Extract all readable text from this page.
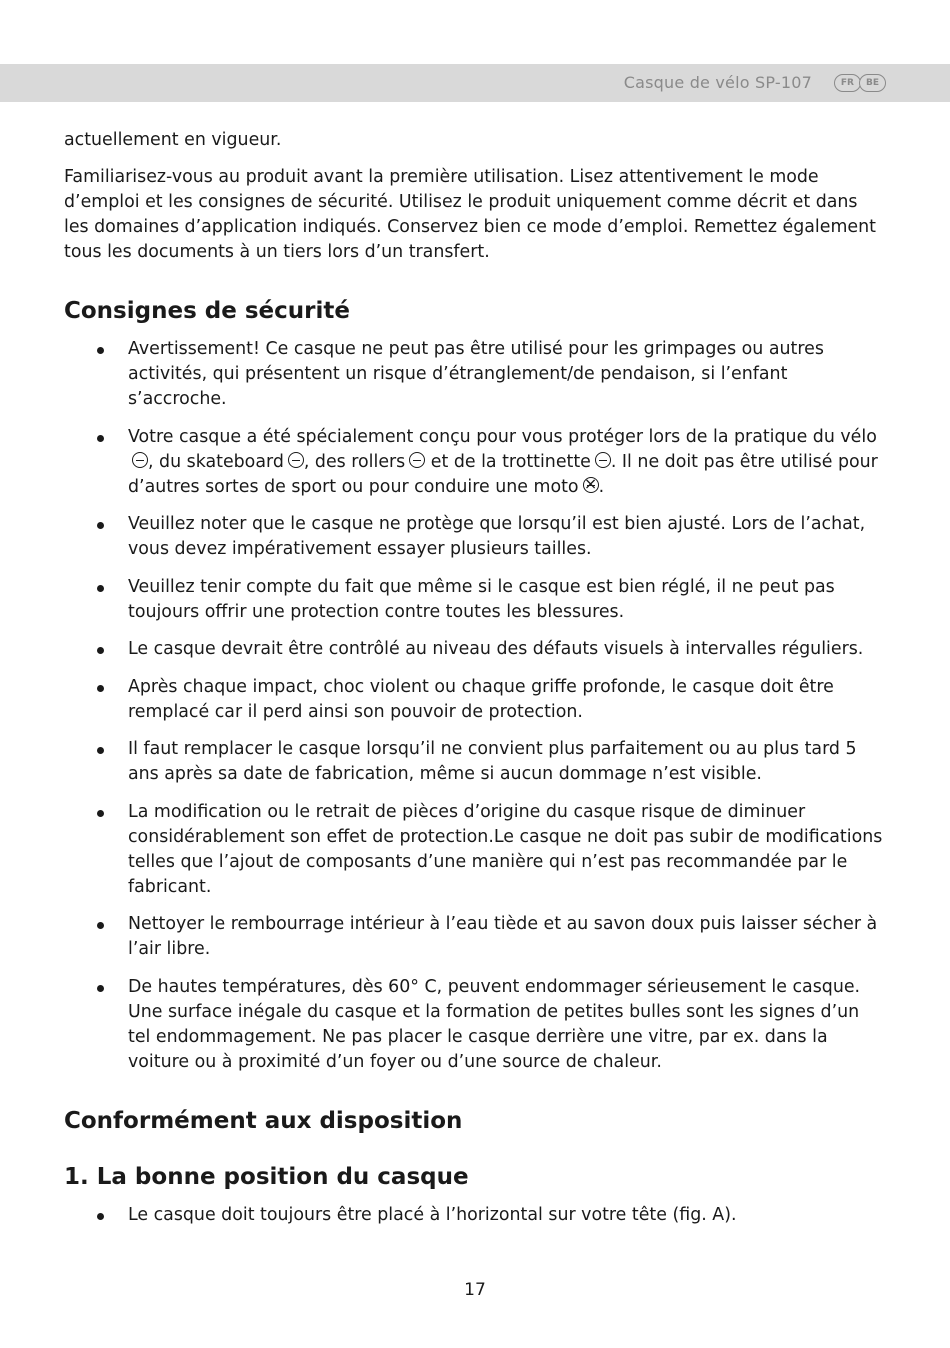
Casque de vélo SP-107	FR	BE

actuellement en vigueur.

Familiarisez-vous au produit avant la première utilisation. Lisez attentivement le mode d’emploi et les consignes de sécurité. Utilisez le produit uniquement comme décrit et dans les domaines d’application indiqués. Conservez bien ce mode d’emploi. Remettez également tous les documents à un tiers lors d’un transfert.

Consignes de sécurité
Avertissement! Ce casque ne peut pas être utilisé pour les grimpages ou autres activités, qui présentent un risque d’étranglement/de pendaison, si l’enfant s’accroche.
Votre casque a été spécialement conçu pour vous protéger lors de la pratique du vélo, du skateboard , des rollers et de la trottinette . Il ne doit pas être utilisé pour d’autres sortes de sport ou pour conduire une moto× .
Veuillez noter que le casque ne protège que lorsqu’il est bien ajusté. Lors de l’achat, vous devez impérativement essayer plusieurs tailles.
Veuillez tenir compte du fait que même si le casque est bien réglé, il ne peut pas toujours offrir une protection contre toutes les blessures.
Le casque devrait être contrôlé au niveau des défauts visuels à intervalles réguliers.
Après chaque impact, choc violent ou chaque griffe profonde, le casque doit être remplacé car il perd ainsi son pouvoir de protection.
Il faut remplacer le casque lorsqu’il ne convient plus parfaitement ou au plus tard 5 ans après sa date de fabrication, même si aucun dommage n’est visible.
La modification ou le retrait de pièces d’origine du casque risque de diminuer considérablement son effet de protection.Le casque ne doit pas subir de modifications telles que l’ajout de composants d’une manière qui n’est pas recommandée par le fabricant.
Nettoyer le rembourrage intérieur à l’eau tiède et au savon doux puis laisser sécher à l’air libre.
De hautes températures, dès 60° C, peuvent endommager sérieusement le casque. Une surface inégale du casque et la formation de petites bulles sont les signes d’un tel endommagement. Ne pas placer le casque derrière une vitre, par ex. dans la voiture ou à proximité d’un foyer ou d’une source de chaleur.
Conformément aux disposition
1. La bonne position du casque
Le casque doit toujours être placé à l’horizontal sur votre tête (fig. A).
17
